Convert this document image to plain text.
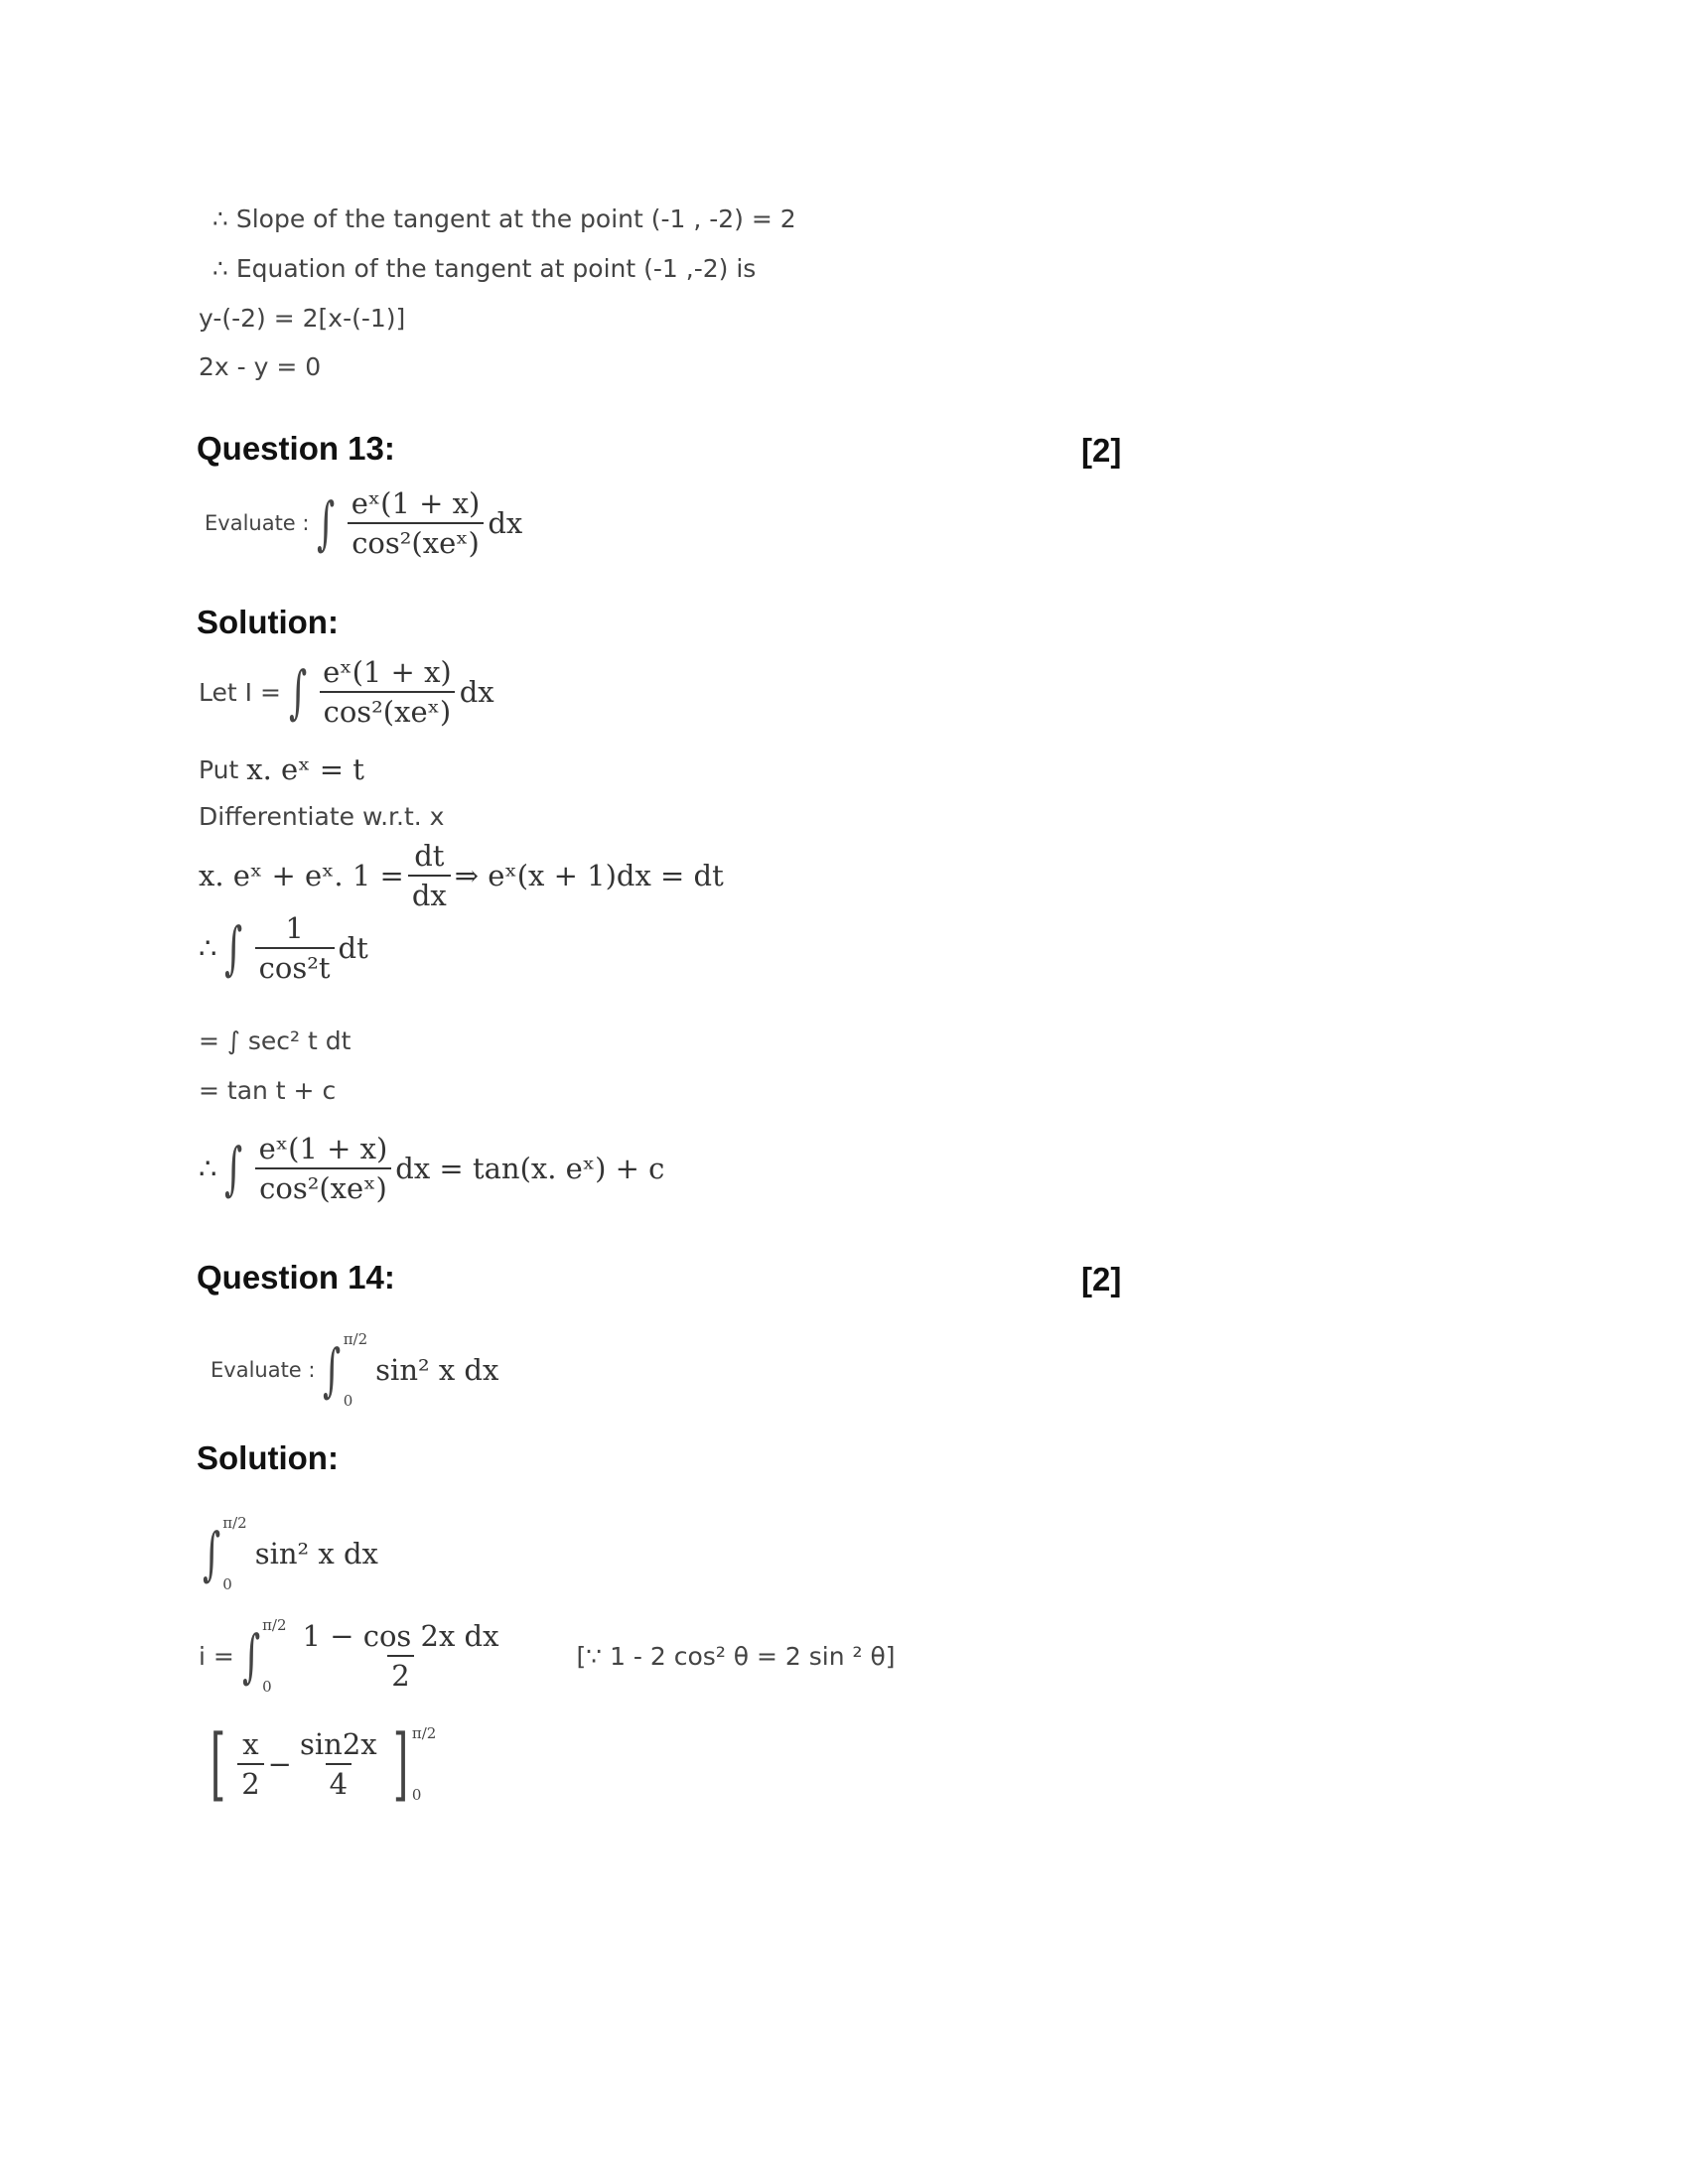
∴ Slope of the tangent at the point (-1 , -2) = 2
∴ Equation of the tangent at point (-1 ,-2) is
y-(-2) = 2[x-(-1)]
2x - y = 0
Question 13:	[2]
Evaluate : ∫ $\frac{\text{eˣ(1 + x)}}{\text{cos²(xeˣ)}}$ dx
Solution:
Let I = ∫ $\frac{\text{eˣ(1 + x)}}{\text{cos²(xeˣ)}}$ dx
Put
x. eˣ = t
Differentiate w.r.t. x
x. eˣ + eˣ. $1 = \frac{dt}{dx}$ ⇒ eˣ(x + 1)dx = dt
∴ ∫ $\frac{1}{\text{cos²t}}$ dt
= ∫ sec² t dt
= tan t + c
∴ ∫ $\frac{\text{eˣ(1 + x)}}{\text{cos²(xeˣ)}}$ dx = tan(x. eˣ) + c
Question 14:	[2]
Evaluate : ∫ π/2
0
sin² x dx
Solution:
∫ π/2
0
sin² x dx
i = ∫ π/2
$0 \frac{\text{1 − cos 2x dx}}{2}$	[∵ 1 - 2 cos² θ = 2 sin ² θ]
[ $\frac{x}{2} - \frac{\sin 2x}{4}$ ] π/2
0
